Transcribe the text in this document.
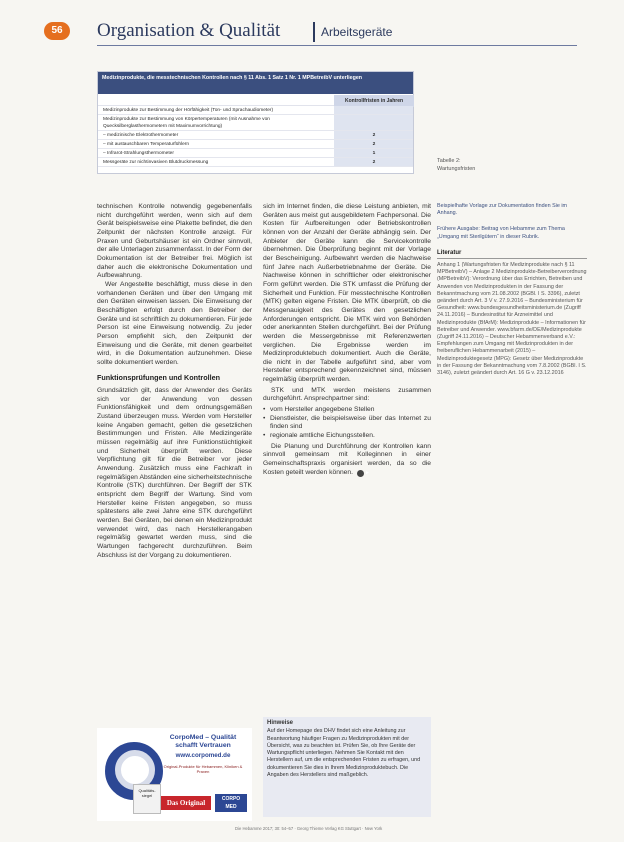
56	Organisation & Qualität	Arbeitsgeräte
Medizinprodukte, die messtechnischen Kontrollen nach § 11 Abs. 1 Satz 1 Nr. 1 MPBetreibV unterliegen
Kontrollfristen in Jahren
Medizinprodukte zur Bestimmung der Hörfähigkeit (Ton- und Sprachaudiometer)
Medizinprodukte zur Bestimmung von Körpertemperaturen (mit Ausnahme von Quecksilberglasthermometern mit Maximumvorrichtung)
– medizinische Elektrothermometer	2
– mit austauschbaren Temperaturfühlern	2
– Infrarot-Strahlungsthermometer	1
Messgeräte zur nichtinvasiven Blutdruckmessung	2	Tabelle 2:
Wartungsfristen

technischen Kontrolle notwendig gegebenenfalls nicht durchgeführt werden, wenn sich auf dem Gerät beispielsweise eine Plakette befindet, die den Zeitpunkt der nächsten Kontrolle anzeigt. Für Praxen und Geburtshäuser ist ein Ordner sinnvoll, der alle Unterlagen zusammenfasst. In der Form der Dokumentation ist der Betreiber frei. Möglich ist daher auch die elektronische Dokumentation und Aufbewahrung.

Wer Angestellte beschäftigt, muss diese in den vorhandenen Geräten und über den Umgang mit den Geräten einweisen lassen. Die Einweisung der Beschäftigten erfolgt durch den Betreiber der Geräte und ist schriftlich zu dokumentieren. Für jede Person ist eine Einweisung notwendig. Zu jeder Person empfiehlt sich, den Zeitpunkt der Einweisung und die Geräte, mit denen gearbeitet wird, in die Dokumentation aufzunehmen. Diese sollte dokumentiert werden.

Funktionsprüfungen und Kontrollen

Grundsätzlich gilt, dass der Anwender des Geräts sich vor der Anwendung von dessen Funktionsfähigkeit und dem ordnungsgemäßen Zustand überzeugen muss. Werden vom Hersteller keine Angaben gemacht, gelten die gesetzlichen Bestimmungen und Fristen. Alle Medizingeräte müssen regelmäßig auf ihre Funktionstüchtigkeit und Sicherheit überprüft werden. Diese Verpflichtung gilt für die Betreiber vor jeder Anwendung. Zusätzlich muss eine Fachkraft in regelmäßigen Abständen eine sicherheitstechnische Kontrolle (STK) durchführen. Der Begriff der STK entspricht dem Begriff der Wartung. Sind vom Hersteller keine Fristen angegeben, so muss spätestens alle zwei Jahre eine STK durchgeführt werden. Bei Geräten, bei denen ein Medizinprodukt verwendet wird, das nach Herstellerangaben regelmäßig gewartet werden muss, sind die Wartungen fachgerecht durchzuführen. Beim Abschluss ist der Vorgang zu dokumentieren.

sich im Internet finden, die diese Leistung anbieten, mit Geräten aus meist gut ausgebildetem Fachpersonal. Die Kosten für Aufbereitungen oder Betriebskontrollen können von der Anzahl der Geräte abhängig sein. Der Anbieter der Geräte kann die Servicekontrolle übernehmen. Die Überprüfung beginnt mit der Vorlage der Bescheinigung. Aufbewahrt werden die Nachweise fünf Jahre nach Außerbetriebnahme der Geräte. Die Nachweise können in schriftlicher oder elektronischer Form geführt werden. Die STK umfasst die Prüfung der Sicherheit und Funktion. Für messtechnische Kontrollen (MTK) gelten eigene Fristen. Die MTK überprüft, ob die Messgenauigkeit des Gerätes den gesetzlichen Anforderungen entspricht. Die MTK wird von Behörden oder anerkannten Stellen durchgeführt. Bei der Prüfung werden die Messergebnisse mit Referenzwerten verglichen. Die Ergebnisse werden im Medizinproduktebuch dokumentiert. Auch die Geräte, die nicht in der Tabelle aufgeführt sind, aber vom Hersteller entsprechend gekennzeichnet sind, müssen regelmäßig überprüft werden.

STK und MTK werden meistens zusammen durchgeführt. Ansprechpartner sind:

• vom Hersteller angegebene Stellen
• Dienstleister, die beispielsweise über das Internet zu finden sind
• regionale amtliche Eichungsstellen.

Die Planung und Durchführung der Kontrollen kann sinnvoll gemeinsam mit Kolleginnen in einer Gemeinschaftspraxis organisiert werden, da so die Kosten geteilt werden können. ►

Beispielhafte Vorlage zur Dokumentation finden Sie im Anhang.
Frühere Ausgabe: Beitrag von Hebamme zum Thema „Umgang mit Sterilgütern“ in dieser Rubrik.
Literatur
Anhang 1 (Wartungsfristen für Medizinprodukte nach § 11 MPBetreibV) – Anlage 2 Medizinprodukte-Betreiberverordnung (MPBetreibV): Verordnung über das Errichten, Betreiben und Anwenden von Medizinprodukten in der Fassung der Bekanntmachung vom 21.08.2002 (BGBl. I S. 3396), zuletzt geändert durch Art. 3 V v. 27.9.2016 – Bundesministerium für Gesundheit: www.bundesgesundheitsministerium.de (Zugriff 24.11.2016) – Bundesinstitut für Arzneimittel und Medizinprodukte (BfArM): Medizinprodukte – Informationen für Betreiber und Anwender. www.bfarm.de/DE/Medizinprodukte (Zugriff 24.11.2016) – Deutscher Hebammenverband e.V.: Empfehlungen zum Umgang mit Medizinprodukten in der freiberuflichen Hebammenarbeit (2015) – Medizinproduktegesetz (MPG): Gesetz über Medizinprodukte in der Fassung der Bekanntmachung vom 7.8.2002 (BGBl. I S. 3146), zuletzt geändert durch Art. 16 G v. 23.12.2016
Hinweise
Auf der Homepage des DHV findet sich eine Anleitung zur Beantwortung häufiger Fragen zu Medizinprodukten mit der Übersicht, was zu beachten ist. Prüfen Sie, ob Ihre Geräte der Wartungspflicht unterliegen. Nehmen Sie Kontakt mit den Herstellern auf, um die entsprechenden Fristen zu erfragen, und dokumentieren Sie dies in Ihrem Medizinproduktebuch. Die Angaben des Herstellers sind maßgeblich.
CorpoMed – Qualität
schafft Vertrauen
www.corpomed.de
Original-Produkte für Hebammen, Kliniken & Praxen
Qualitäts-siegel
Das Original	CORPO
MED
Die Hebamme 2017; 30: 54–57 · Georg Thieme Verlag KG Stuttgart · New York
